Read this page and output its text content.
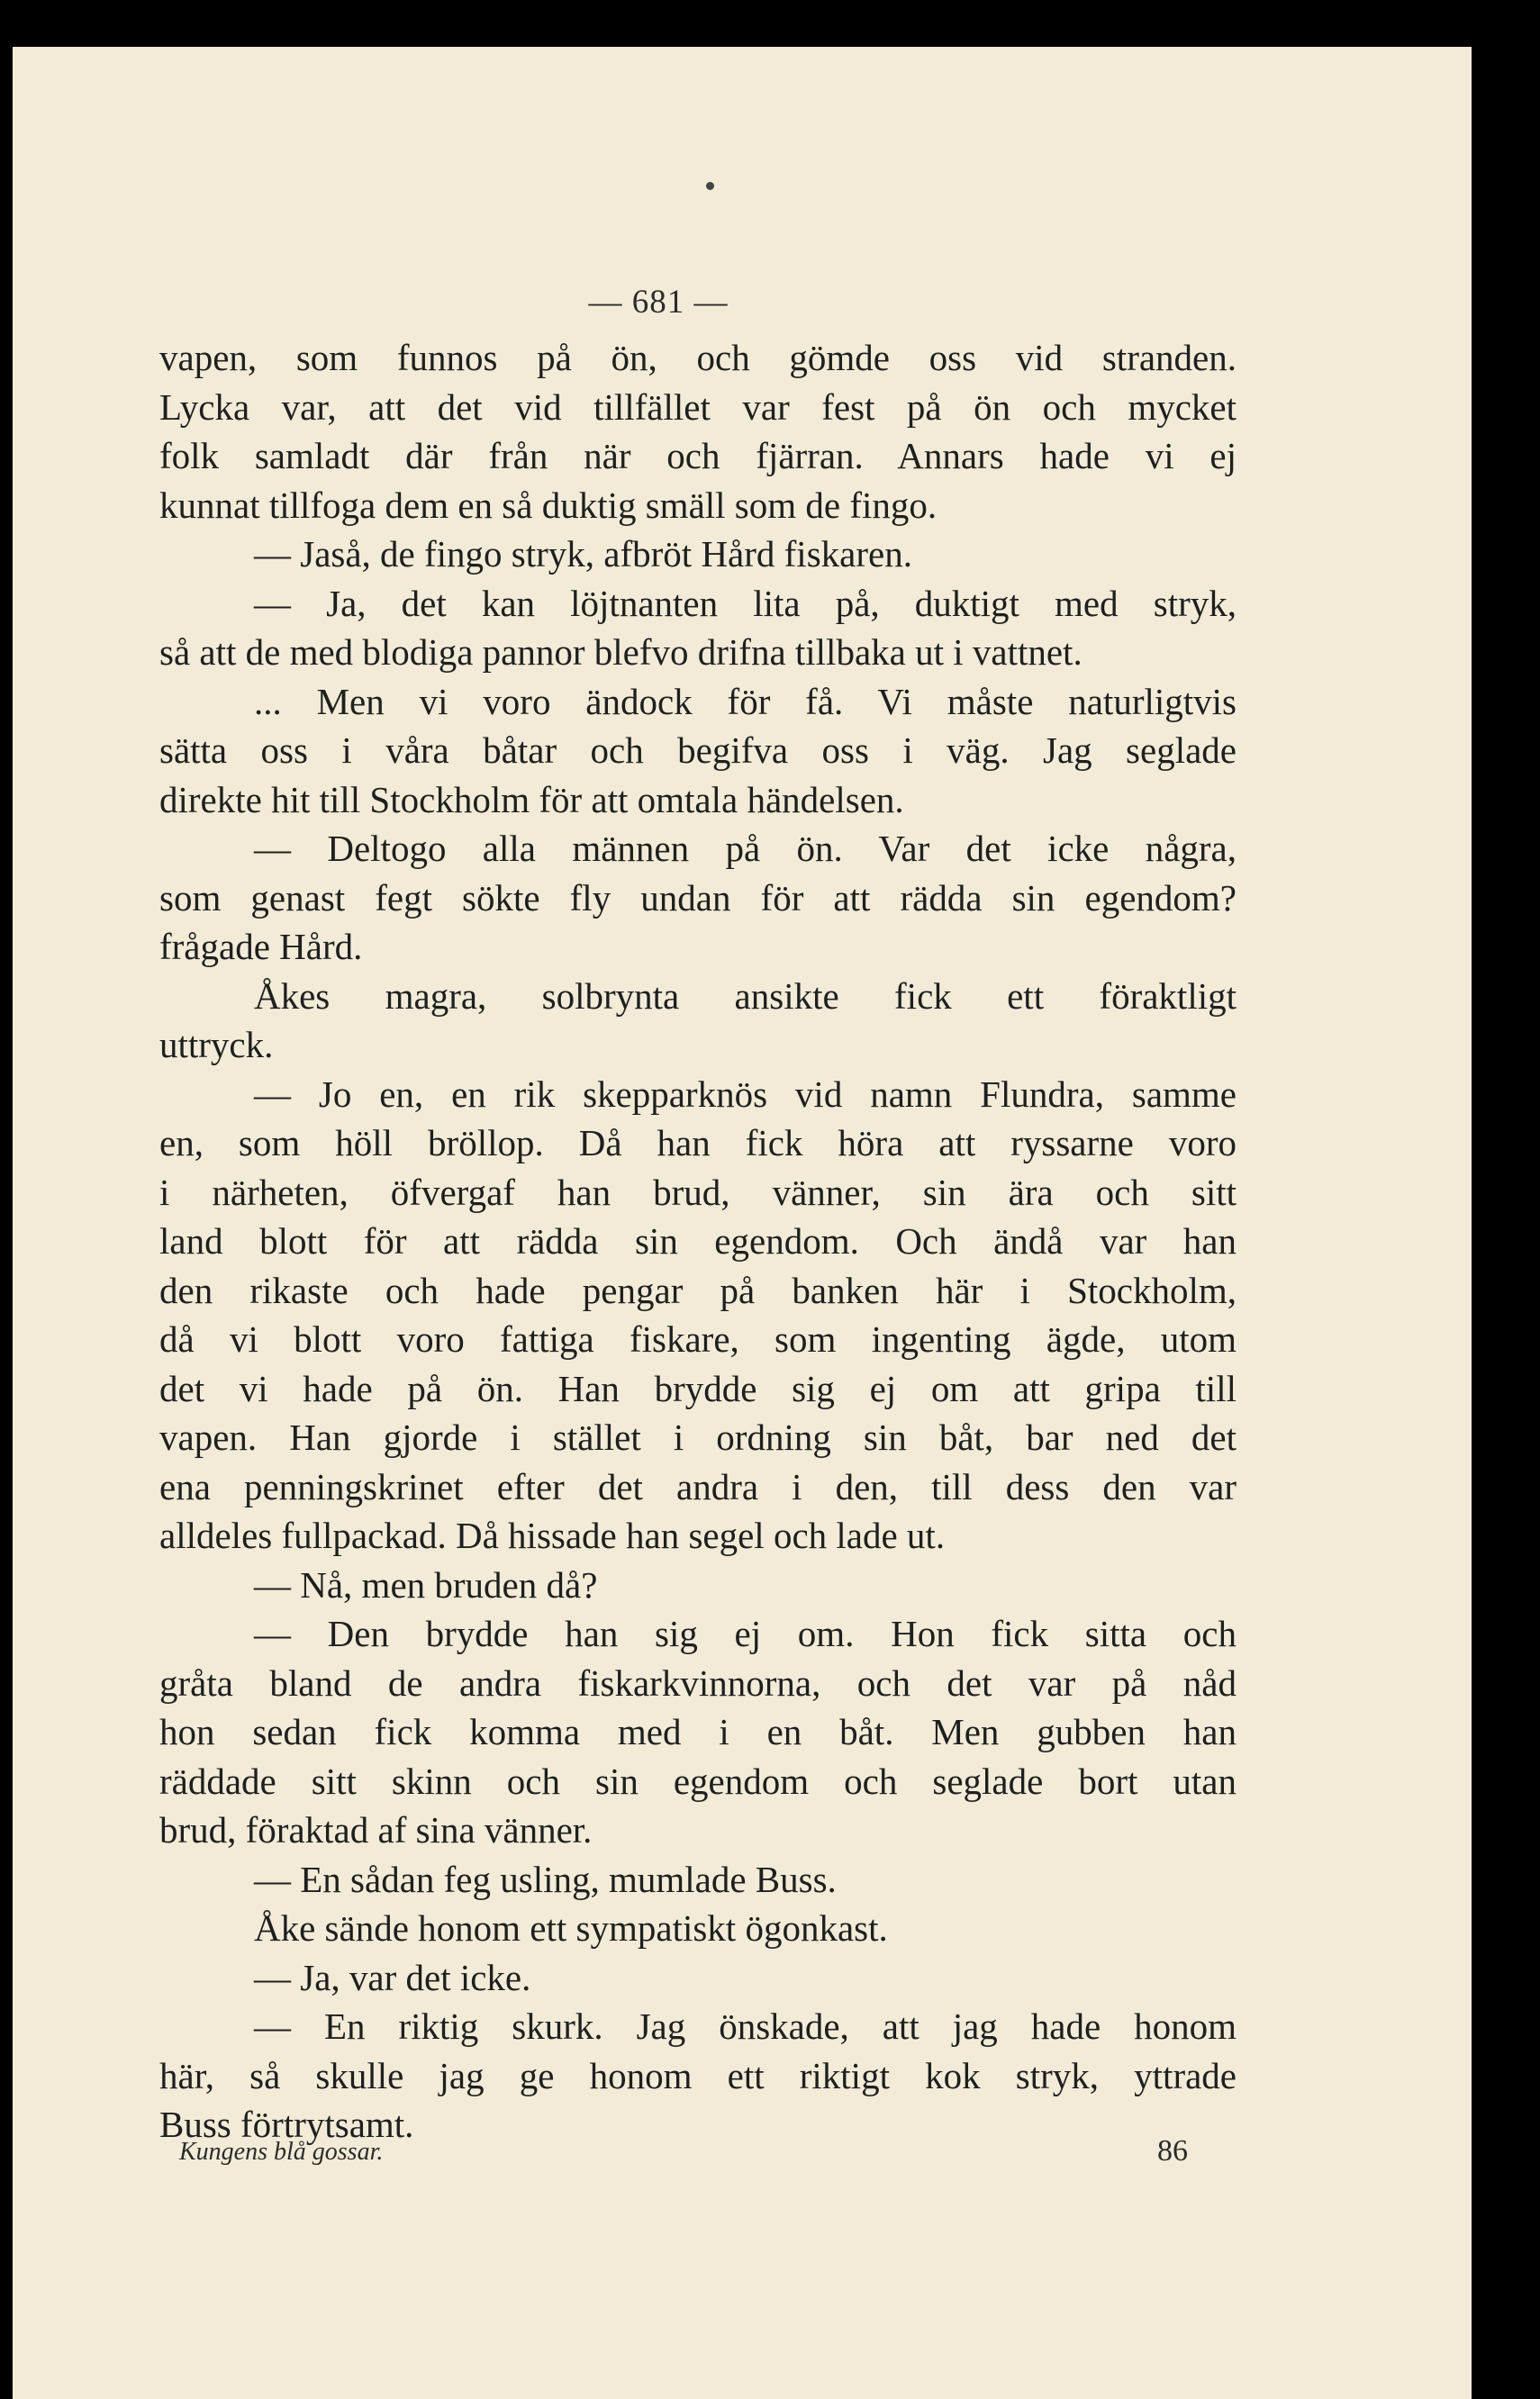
— 681 —
vapen, som funnos på ön, och gömde oss vid stranden.
Lycka var, att det vid tillfället var fest på ön och mycket
folk samladt där från när och fjärran. Annars hade vi ej
kunnat tillfoga dem en så duktig smäll som de fingo.
— Jaså, de fingo stryk, afbröt Hård fiskaren.
— Ja, det kan löjtnanten lita på, duktigt med stryk,
så att de med blodiga pannor blefvo drifna tillbaka ut i vattnet.
... Men vi voro ändock för få. Vi måste naturligtvis
sätta oss i våra båtar och begifva oss i väg. Jag seglade
direkte hit till Stockholm för att omtala händelsen.
— Deltogo alla männen på ön. Var det icke några,
som genast fegt sökte fly undan för att rädda sin egendom?
frågade Hård.
Åkes magra, solbrynta ansikte fick ett föraktligt
uttryck.
— Jo en, en rik skepparknös vid namn Flundra, samme
en, som höll bröllop. Då han fick höra att ryssarne voro
i närheten, öfvergaf han brud, vänner, sin ära och sitt
land blott för att rädda sin egendom. Och ändå var han
den rikaste och hade pengar på banken här i Stockholm,
då vi blott voro fattiga fiskare, som ingenting ägde, utom
det vi hade på ön. Han brydde sig ej om att gripa till
vapen. Han gjorde i stället i ordning sin båt, bar ned det
ena penningskrinet efter det andra i den, till dess den var
alldeles fullpackad. Då hissade han segel och lade ut.
— Nå, men bruden då?
— Den brydde han sig ej om. Hon fick sitta och
gråta bland de andra fiskarkvinnorna, och det var på nåd
hon sedan fick komma med i en båt. Men gubben han
räddade sitt skinn och sin egendom och seglade bort utan
brud, föraktad af sina vänner.
— En sådan feg usling, mumlade Buss.
Åke sände honom ett sympatiskt ögonkast.
— Ja, var det icke.
— En riktig skurk. Jag önskade, att jag hade honom
här, så skulle jag ge honom ett riktigt kok stryk, yttrade
Buss förtrytsamt.
Kungens blå gossar.	86
